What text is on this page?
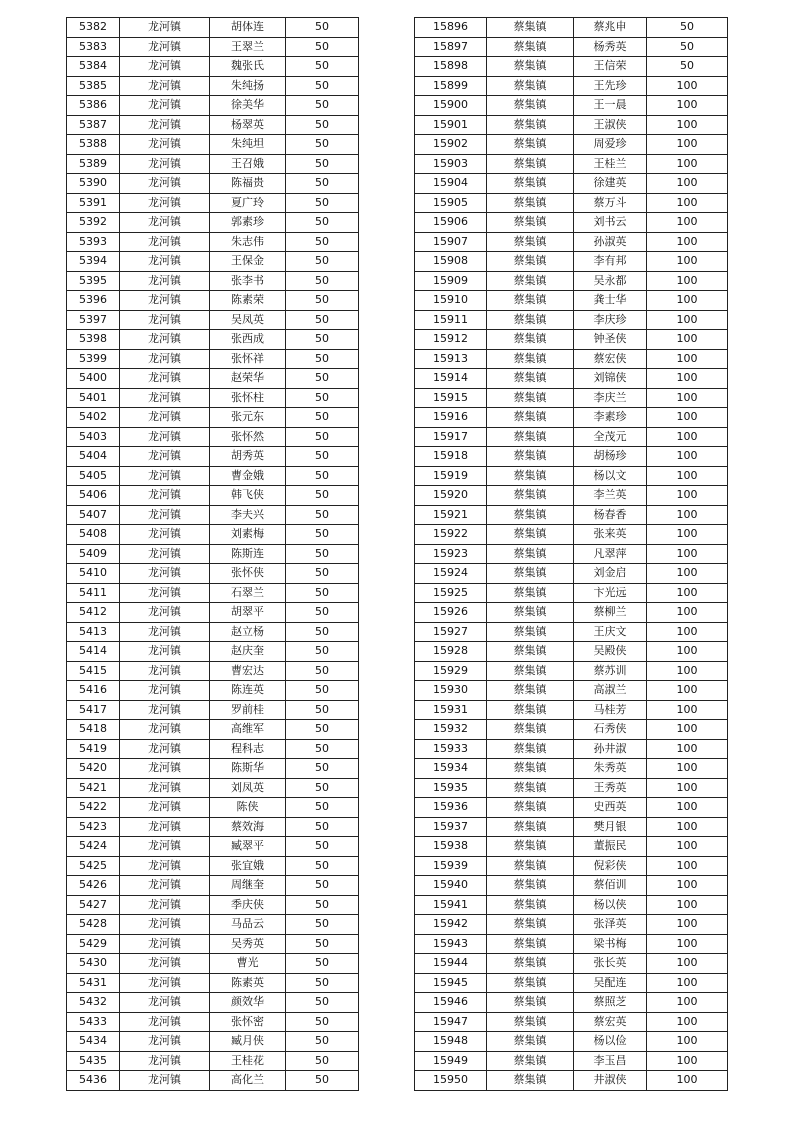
5382	龙河镇	胡体连	50
5383	龙河镇	王翠兰	50
5384	龙河镇	魏张氏	50
5385	龙河镇	朱纯扬	50
5386	龙河镇	徐美华	50
5387	龙河镇	杨翠英	50
5388	龙河镇	朱纯坦	50
5389	龙河镇	王召娥	50
5390	龙河镇	陈福贵	50
5391	龙河镇	夏广玲	50
5392	龙河镇	郭素珍	50
5393	龙河镇	朱志伟	50
5394	龙河镇	王保金	50
5395	龙河镇	张李书	50
5396	龙河镇	陈素荣	50
5397	龙河镇	吴凤英	50
5398	龙河镇	张西成	50
5399	龙河镇	张怀祥	50
5400	龙河镇	赵荣华	50
5401	龙河镇	张怀柱	50
5402	龙河镇	张元东	50
5403	龙河镇	张怀然	50
5404	龙河镇	胡秀英	50
5405	龙河镇	曹金娥	50
5406	龙河镇	韩飞侠	50
5407	龙河镇	李夫兴	50
5408	龙河镇	刘素梅	50
5409	龙河镇	陈斯连	50
5410	龙河镇	张怀侠	50
5411	龙河镇	石翠兰	50
5412	龙河镇	胡翠平	50
5413	龙河镇	赵立杨	50
5414	龙河镇	赵庆奎	50
5415	龙河镇	曹宏达	50
5416	龙河镇	陈连英	50
5417	龙河镇	罗前桂	50
5418	龙河镇	高维军	50
5419	龙河镇	程科志	50
5420	龙河镇	陈斯华	50
5421	龙河镇	刘凤英	50
5422	龙河镇	陈侠	50
5423	龙河镇	蔡效海	50
5424	龙河镇	臧翠平	50
5425	龙河镇	张宜娥	50
5426	龙河镇	周继奎	50
5427	龙河镇	季庆侠	50
5428	龙河镇	马品云	50
5429	龙河镇	吴秀英	50
5430	龙河镇	曹光	50
5431	龙河镇	陈素英	50
5432	龙河镇	颜效华	50
5433	龙河镇	张怀密	50
5434	龙河镇	臧月侠	50
5435	龙河镇	王桂花	50
5436	龙河镇	高化兰	50
15896	蔡集镇	蔡兆申	50
15897	蔡集镇	杨秀英	50
15898	蔡集镇	王信荣	50
15899	蔡集镇	王先珍	100
15900	蔡集镇	王一晨	100
15901	蔡集镇	王淑侠	100
15902	蔡集镇	周爱珍	100
15903	蔡集镇	王桂兰	100
15904	蔡集镇	徐建英	100
15905	蔡集镇	蔡万斗	100
15906	蔡集镇	刘书云	100
15907	蔡集镇	孙淑英	100
15908	蔡集镇	李有邦	100
15909	蔡集镇	吴永都	100
15910	蔡集镇	龚士华	100
15911	蔡集镇	李庆珍	100
15912	蔡集镇	钟圣侠	100
15913	蔡集镇	蔡宏侠	100
15914	蔡集镇	刘锦侠	100
15915	蔡集镇	李庆兰	100
15916	蔡集镇	李素珍	100
15917	蔡集镇	全茂元	100
15918	蔡集镇	胡杨珍	100
15919	蔡集镇	杨以文	100
15920	蔡集镇	李兰英	100
15921	蔡集镇	杨春香	100
15922	蔡集镇	张来英	100
15923	蔡集镇	凡翠萍	100
15924	蔡集镇	刘金启	100
15925	蔡集镇	卞光远	100
15926	蔡集镇	蔡柳兰	100
15927	蔡集镇	王庆文	100
15928	蔡集镇	吴殿侠	100
15929	蔡集镇	蔡苏训	100
15930	蔡集镇	高淑兰	100
15931	蔡集镇	马桂芳	100
15932	蔡集镇	石秀侠	100
15933	蔡集镇	孙井淑	100
15934	蔡集镇	朱秀英	100
15935	蔡集镇	王秀英	100
15936	蔡集镇	史西英	100
15937	蔡集镇	樊月银	100
15938	蔡集镇	董振民	100
15939	蔡集镇	倪彩侠	100
15940	蔡集镇	蔡佰训	100
15941	蔡集镇	杨以侠	100
15942	蔡集镇	张泽英	100
15943	蔡集镇	梁书梅	100
15944	蔡集镇	张长英	100
15945	蔡集镇	吴配连	100
15946	蔡集镇	蔡照芝	100
15947	蔡集镇	蔡宏英	100
15948	蔡集镇	杨以俭	100
15949	蔡集镇	李玉昌	100
15950	蔡集镇	井淑侠	100
